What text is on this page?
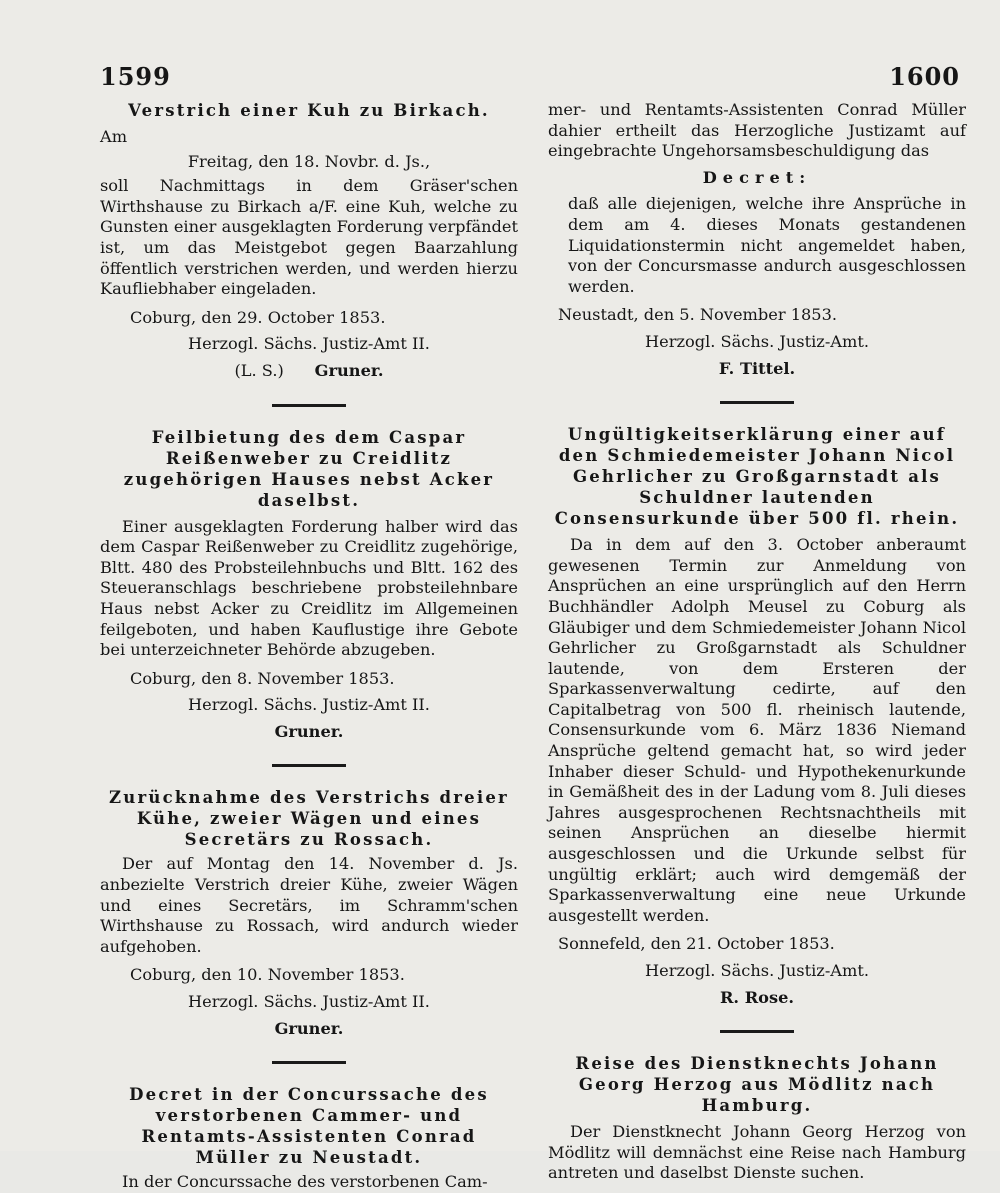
1599	1600
Verstrich einer Kuh zu Birkach.

Am

Freitag, den 18. Novbr. d. Js.,

soll Nachmittags in dem Gräser'schen Wirthshause zu Birkach a/F. eine Kuh, welche zu Gunsten einer ausgeklagten Forderung verpfändet ist, um das Meistgebot gegen Baarzahlung öffentlich verstrichen werden, und werden hierzu Kaufliebhaber eingeladen.

Coburg, den 29. October 1853.

Herzogl. Sächs. Justiz-Amt II.

(L. S.) Gruner.

Feilbietung des dem Caspar Reißenweber zu Creidlitz zugehörigen Hauses nebst Acker daselbst.

Einer ausgeklagten Forderung halber wird das dem Caspar Reißenweber zu Creidlitz zugehörige, Bltt. 480 des Probsteilehnbuchs und Bltt. 162 des Steueranschlags beschriebene probsteilehnbare Haus nebst Acker zu Creidlitz im Allgemeinen feilgeboten, und haben Kauflustige ihre Gebote bei unterzeichneter Behörde abzugeben.

Coburg, den 8. November 1853.

Herzogl. Sächs. Justiz-Amt II.

Gruner.

Zurücknahme des Verstrichs dreier Kühe, zweier Wägen und eines Secretärs zu Rossach.

Der auf Montag den 14. November d. Js. anbezielte Verstrich dreier Kühe, zweier Wägen und eines Secretärs, im Schramm'schen Wirthshause zu Rossach, wird andurch wieder aufgehoben.

Coburg, den 10. November 1853.

Herzogl. Sächs. Justiz-Amt II.

Gruner.

Decret in der Concurssache des verstorbenen Cammer- und Rentamts-Assistenten Conrad Müller zu Neustadt.

In der Concurssache des verstorbenen Cam-

mer- und Rentamts-Assistenten Conrad Müller dahier ertheilt das Herzogliche Justizamt auf eingebrachte Ungehorsamsbeschuldigung das

Decret:

daß alle diejenigen, welche ihre Ansprüche in dem am 4. dieses Monats gestandenen Liquidationstermin nicht angemeldet haben, von der Concursmasse andurch ausgeschlossen werden.

Neustadt, den 5. November 1853.

Herzogl. Sächs. Justiz-Amt.

F. Tittel.

Ungültigkeitserklärung einer auf den Schmiedemeister Johann Nicol Gehrlicher zu Großgarnstadt als Schuldner lautenden Consensurkunde über 500 fl. rhein.

Da in dem auf den 3. October anberaumt gewesenen Termin zur Anmeldung von Ansprüchen an eine ursprünglich auf den Herrn Buchhändler Adolph Meusel zu Coburg als Gläubiger und dem Schmiedemeister Johann Nicol Gehrlicher zu Großgarnstadt als Schuldner lautende, von dem Ersteren der Sparkassenverwaltung cedirte, auf den Capitalbetrag von 500 fl. rheinisch lautende, Consensurkunde vom 6. März 1836 Niemand Ansprüche geltend gemacht hat, so wird jeder Inhaber dieser Schuld- und Hypothekenurkunde in Gemäßheit des in der Ladung vom 8. Juli dieses Jahres ausgesprochenen Rechtsnachtheils mit seinen Ansprüchen an dieselbe hiermit ausgeschlossen und die Urkunde selbst für ungültig erklärt; auch wird demgemäß der Sparkassenverwaltung eine neue Urkunde ausgestellt werden.

Sonnefeld, den 21. October 1853.

Herzogl. Sächs. Justiz-Amt.

R. Rose.

Reise des Dienstknechts Johann Georg Herzog aus Mödlitz nach Hamburg.

Der Dienstknecht Johann Georg Herzog von Mödlitz will demnächst eine Reise nach Hamburg antreten und daselbst Dienste suchen.
